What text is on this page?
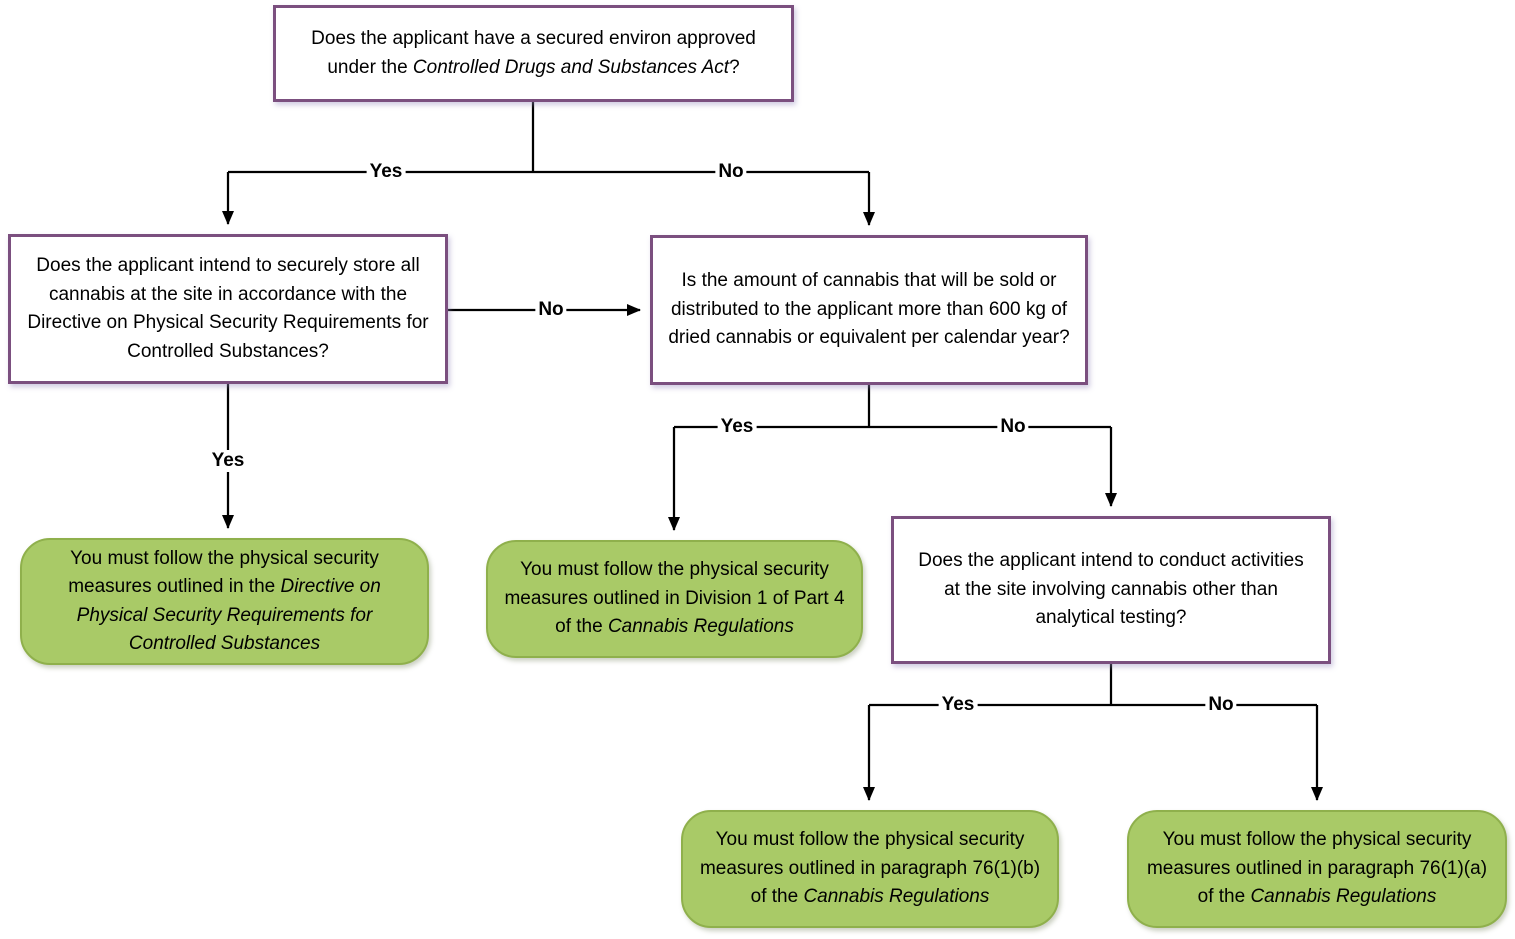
Does the applicant have a secured environ approved under the Controlled Drugs and Substances Act?
Does the applicant intend to securely store all cannabis at the site in accordance with the Directive on Physical Security Requirements for Controlled Substances?
Is the amount of cannabis that will be sold or distributed to the applicant more than 600 kg of dried cannabis or equivalent per calendar year?
Does the applicant intend to conduct activities at the site involving cannabis other than analytical testing?
You must follow the physical security measures outlined in the Directive on Physical Security Requirements for Controlled Substances
You must follow the physical security measures outlined in Division 1 of Part 4 of the Cannabis Regulations
You must follow the physical security measures outlined in paragraph 76(1)(b) of the Cannabis Regulations
You must follow the physical security measures outlined in paragraph 76(1)(a) of the Cannabis Regulations
Yes	No
No
Yes
Yes	No
Yes	No
